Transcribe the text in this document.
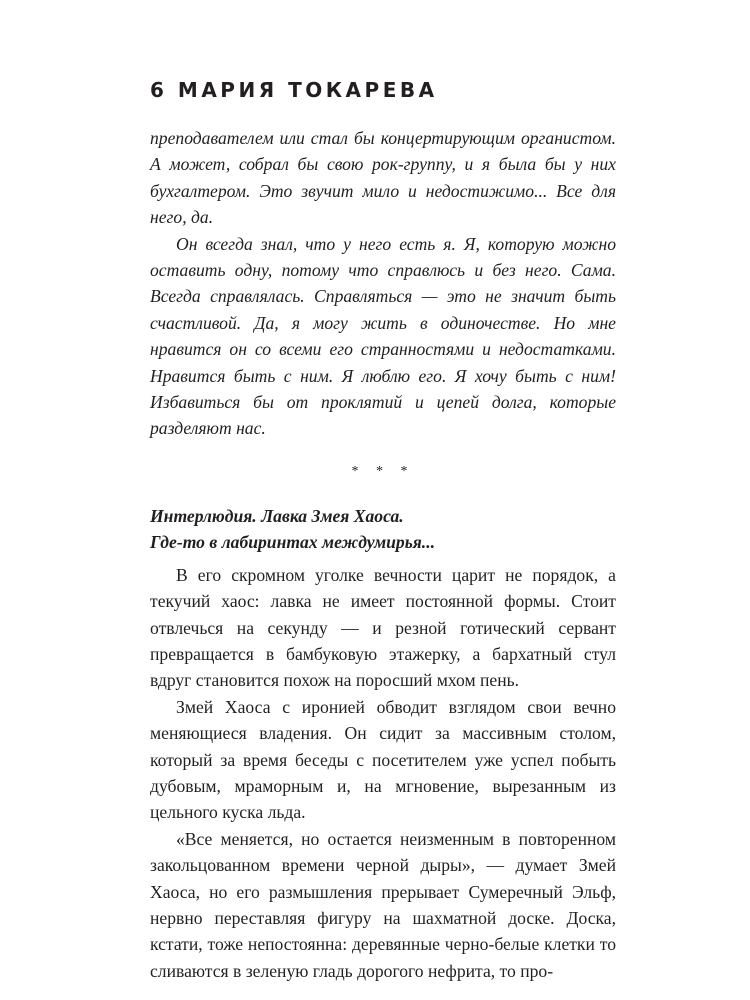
6 МАРИЯ ТОКАРЕВА

преподавателем или стал бы концертирующим органистом. А может, собрал бы свою рок-группу, и я была бы у них бухгалтером. Это звучит мило и недостижимо... Все для него, да.

Он всегда знал, что у него есть я. Я, которую можно оставить одну, потому что справлюсь и без него. Сама. Всегда справлялась. Справляться — это не значит быть счастливой. Да, я могу жить в одиночестве. Но мне нравится он со всеми его странностями и недостатками. Нравится быть с ним. Я люблю его. Я хочу быть с ним! Избавиться бы от проклятий и цепей долга, которые разделяют нас.

* * *
Интерлюдия. Лавка Змея Хаоса.
Где-то в лабиринтах междумирья...

В его скромном уголке вечности царит не порядок, а текучий хаос: лавка не имеет постоянной формы. Стоит отвлечься на секунду — и резной готический сервант превращается в бамбуковую этажерку, а бархатный стул вдруг становится похож на поросший мхом пень.

Змей Хаоса с иронией обводит взглядом свои вечно меняющиеся владения. Он сидит за массивным столом, который за время беседы с посетителем уже успел побыть дубовым, мраморным и, на мгновение, вырезанным из цельного куска льда.

«Все меняется, но остается неизменным в повторенном закольцованном времени черной дыры», — думает Змей Хаоса, но его размышления прерывает Сумеречный Эльф, нервно переставляя фигуру на шахматной доске. Доска, кстати, тоже непостоянна: деревянные черно-белые клетки то сливаются в зеленую гладь дорогого нефрита, то про-
